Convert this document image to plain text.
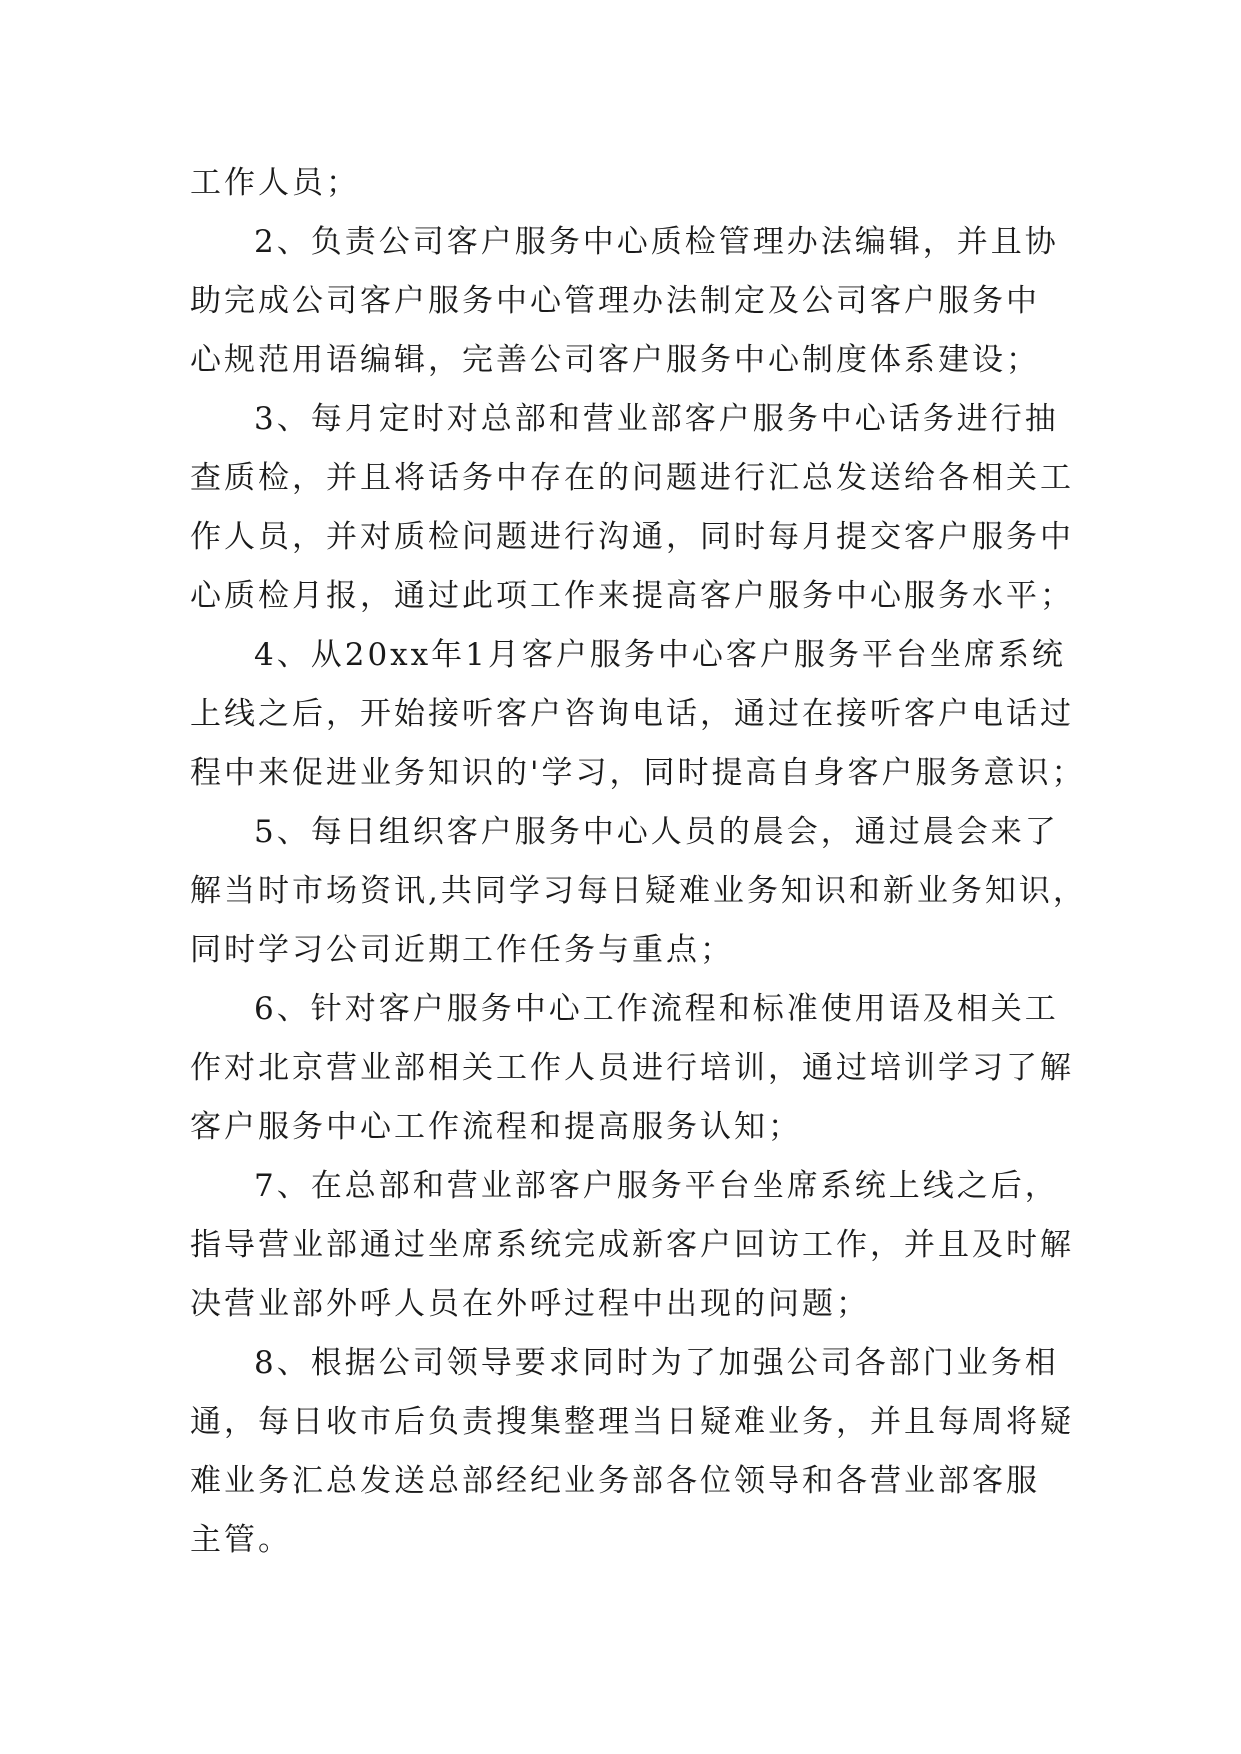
工作人员；
2、负责公司客户服务中心质检管理办法编辑，并且协
助完成公司客户服务中心管理办法制定及公司客户服务中
心规范用语编辑，完善公司客户服务中心制度体系建设；
3、每月定时对总部和营业部客户服务中心话务进行抽
查质检，并且将话务中存在的问题进行汇总发送给各相关工
作人员，并对质检问题进行沟通，同时每月提交客户服务中
心质检月报，通过此项工作来提高客户服务中心服务水平；
4、从20xx年1月客户服务中心客户服务平台坐席系统
上线之后，开始接听客户咨询电话，通过在接听客户电话过
程中来促进业务知识的'学习，同时提高自身客户服务意识；
5、每日组织客户服务中心人员的晨会，通过晨会来了
解当时市场资讯,共同学习每日疑难业务知识和新业务知识，
同时学习公司近期工作任务与重点；
6、针对客户服务中心工作流程和标准使用语及相关工
作对北京营业部相关工作人员进行培训，通过培训学习了解
客户服务中心工作流程和提高服务认知；
7、在总部和营业部客户服务平台坐席系统上线之后，
指导营业部通过坐席系统完成新客户回访工作，并且及时解
决营业部外呼人员在外呼过程中出现的问题；
8、根据公司领导要求同时为了加强公司各部门业务相
通，每日收市后负责搜集整理当日疑难业务，并且每周将疑
难业务汇总发送总部经纪业务部各位领导和各营业部客服
主管。
